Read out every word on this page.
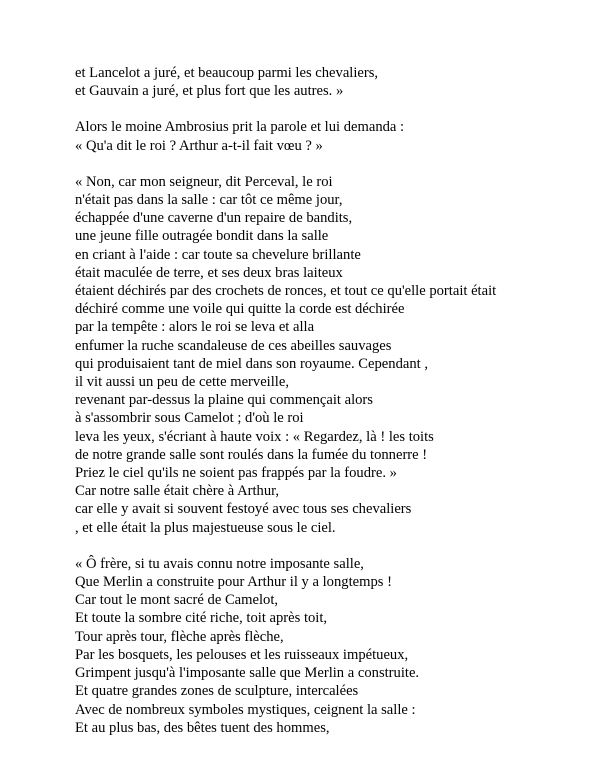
et Lancelot a juré, et beaucoup parmi les chevaliers,
et Gauvain a juré, et plus fort que les autres. »
Alors le moine Ambrosius prit la parole et lui demanda :
« Qu'a dit le roi ? Arthur a-t-il fait vœu ? »
« Non, car mon seigneur, dit Perceval, le roi
n'était pas dans la salle : car tôt ce même jour,
échappée d'une caverne d'un repaire de bandits,
une jeune fille outragée bondit dans la salle
en criant à l'aide : car toute sa chevelure brillante
était maculée de terre, et ses deux bras laiteux
étaient déchirés par des crochets de ronces, et tout ce qu'elle portait était
déchiré comme une voile qui quitte la corde est déchirée
par la tempête : alors le roi se leva et alla
enfumer la ruche scandaleuse de ces abeilles sauvages
qui produisaient tant de miel dans son royaume. Cependant ,
il vit aussi un peu de cette merveille,
revenant par-dessus la plaine qui commençait alors
à s'assombrir sous Camelot ; d'où le roi
leva les yeux, s'écriant à haute voix : « Regardez, là ! les toits
de notre grande salle sont roulés dans la fumée du tonnerre !
Priez le ciel qu'ils ne soient pas frappés par la foudre. »
Car notre salle était chère à Arthur,
car elle y avait si souvent festoyé avec tous ses chevaliers
, et elle était la plus majestueuse sous le ciel.
« Ô frère, si tu avais connu notre imposante salle,
Que Merlin a construite pour Arthur il y a longtemps !
Car tout le mont sacré de Camelot,
Et toute la sombre cité riche, toit après toit,
Tour après tour, flèche après flèche,
Par les bosquets, les pelouses et les ruisseaux impétueux,
Grimpent jusqu'à l'imposante salle que Merlin a construite.
Et quatre grandes zones de sculpture, intercalées
Avec de nombreux symboles mystiques, ceignent la salle :
Et au plus bas, des bêtes tuent des hommes,
